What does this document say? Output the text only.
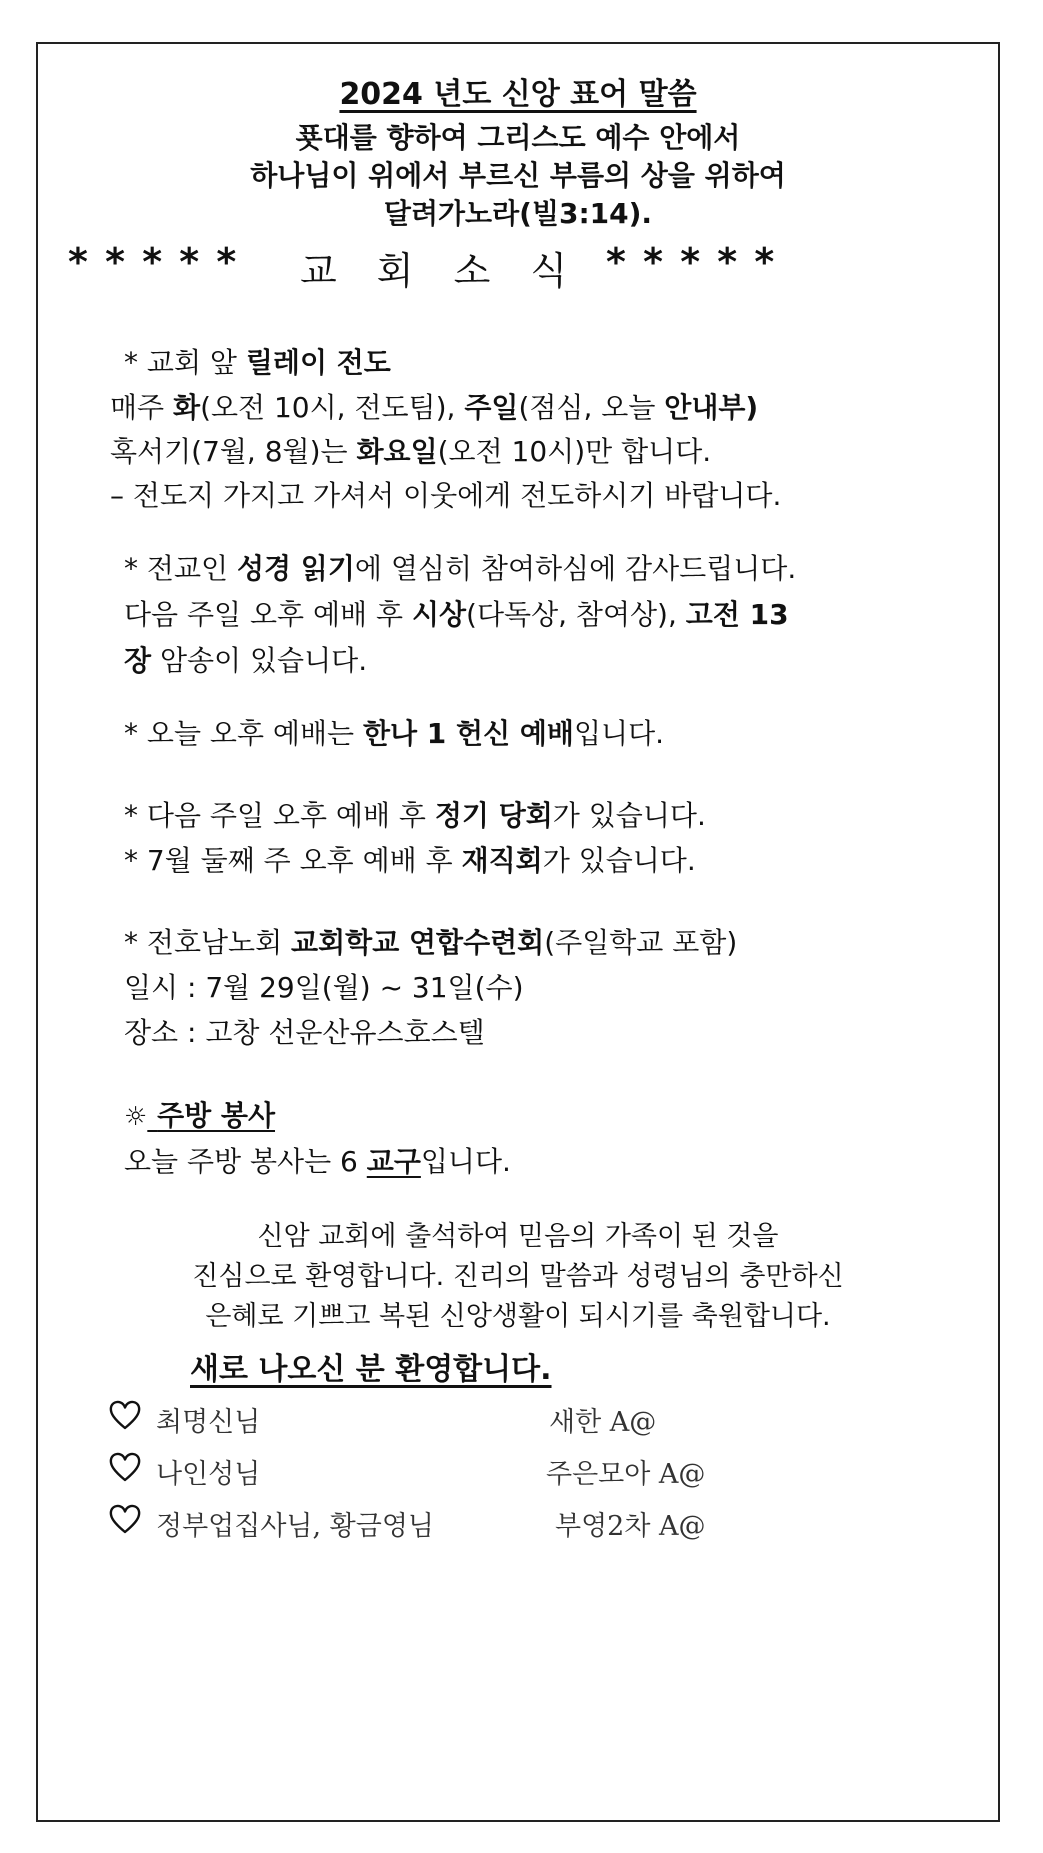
2024 년도 신앙 표어 말씀
푯대를 향하여 그리스도 예수 안에서
하나님이 위에서 부르신 부름의 상을 위하여
달려가노라(빌3:14).
* * * * * 교 회 소 식 * * * * *
* 교회 앞 릴레이 전도
매주 화(오전 10시, 전도팀), 주일(점심, 오늘 안내부)
혹서기(7월, 8월)는 화요일(오전 10시)만 합니다.
– 전도지 가지고 가셔서 이웃에게 전도하시기 바랍니다.
* 전교인 성경 읽기에 열심히 참여하심에 감사드립니다.
다음 주일 오후 예배 후 시상(다독상, 참여상), 고전 13
장 암송이 있습니다.
* 오늘 오후 예배는 한나 1 헌신 예배입니다.
* 다음 주일 오후 예배 후 정기 당회가 있습니다.
* 7월 둘째 주 오후 예배 후 재직회가 있습니다.
* 전호남노회 교회학교 연합수련회(주일학교 포함)
일시 : 7월 29일(월) ~ 31일(수)
장소 : 고창 선운산유스호스텔
☼ 주방 봉사
오늘 주방 봉사는 6 교구입니다.
신암 교회에 출석하여 믿음의 가족이 된 것을
진심으로 환영합니다. 진리의 말씀과 성령님의 충만하신
은혜로 기쁘고 복된 신앙생활이 되시기를 축원합니다.
새로 나오신 분 환영합니다.
최명신님	새한 A@
나인성님	주은모아 A@
정부업집사님, 황금영님	부영2차 A@
